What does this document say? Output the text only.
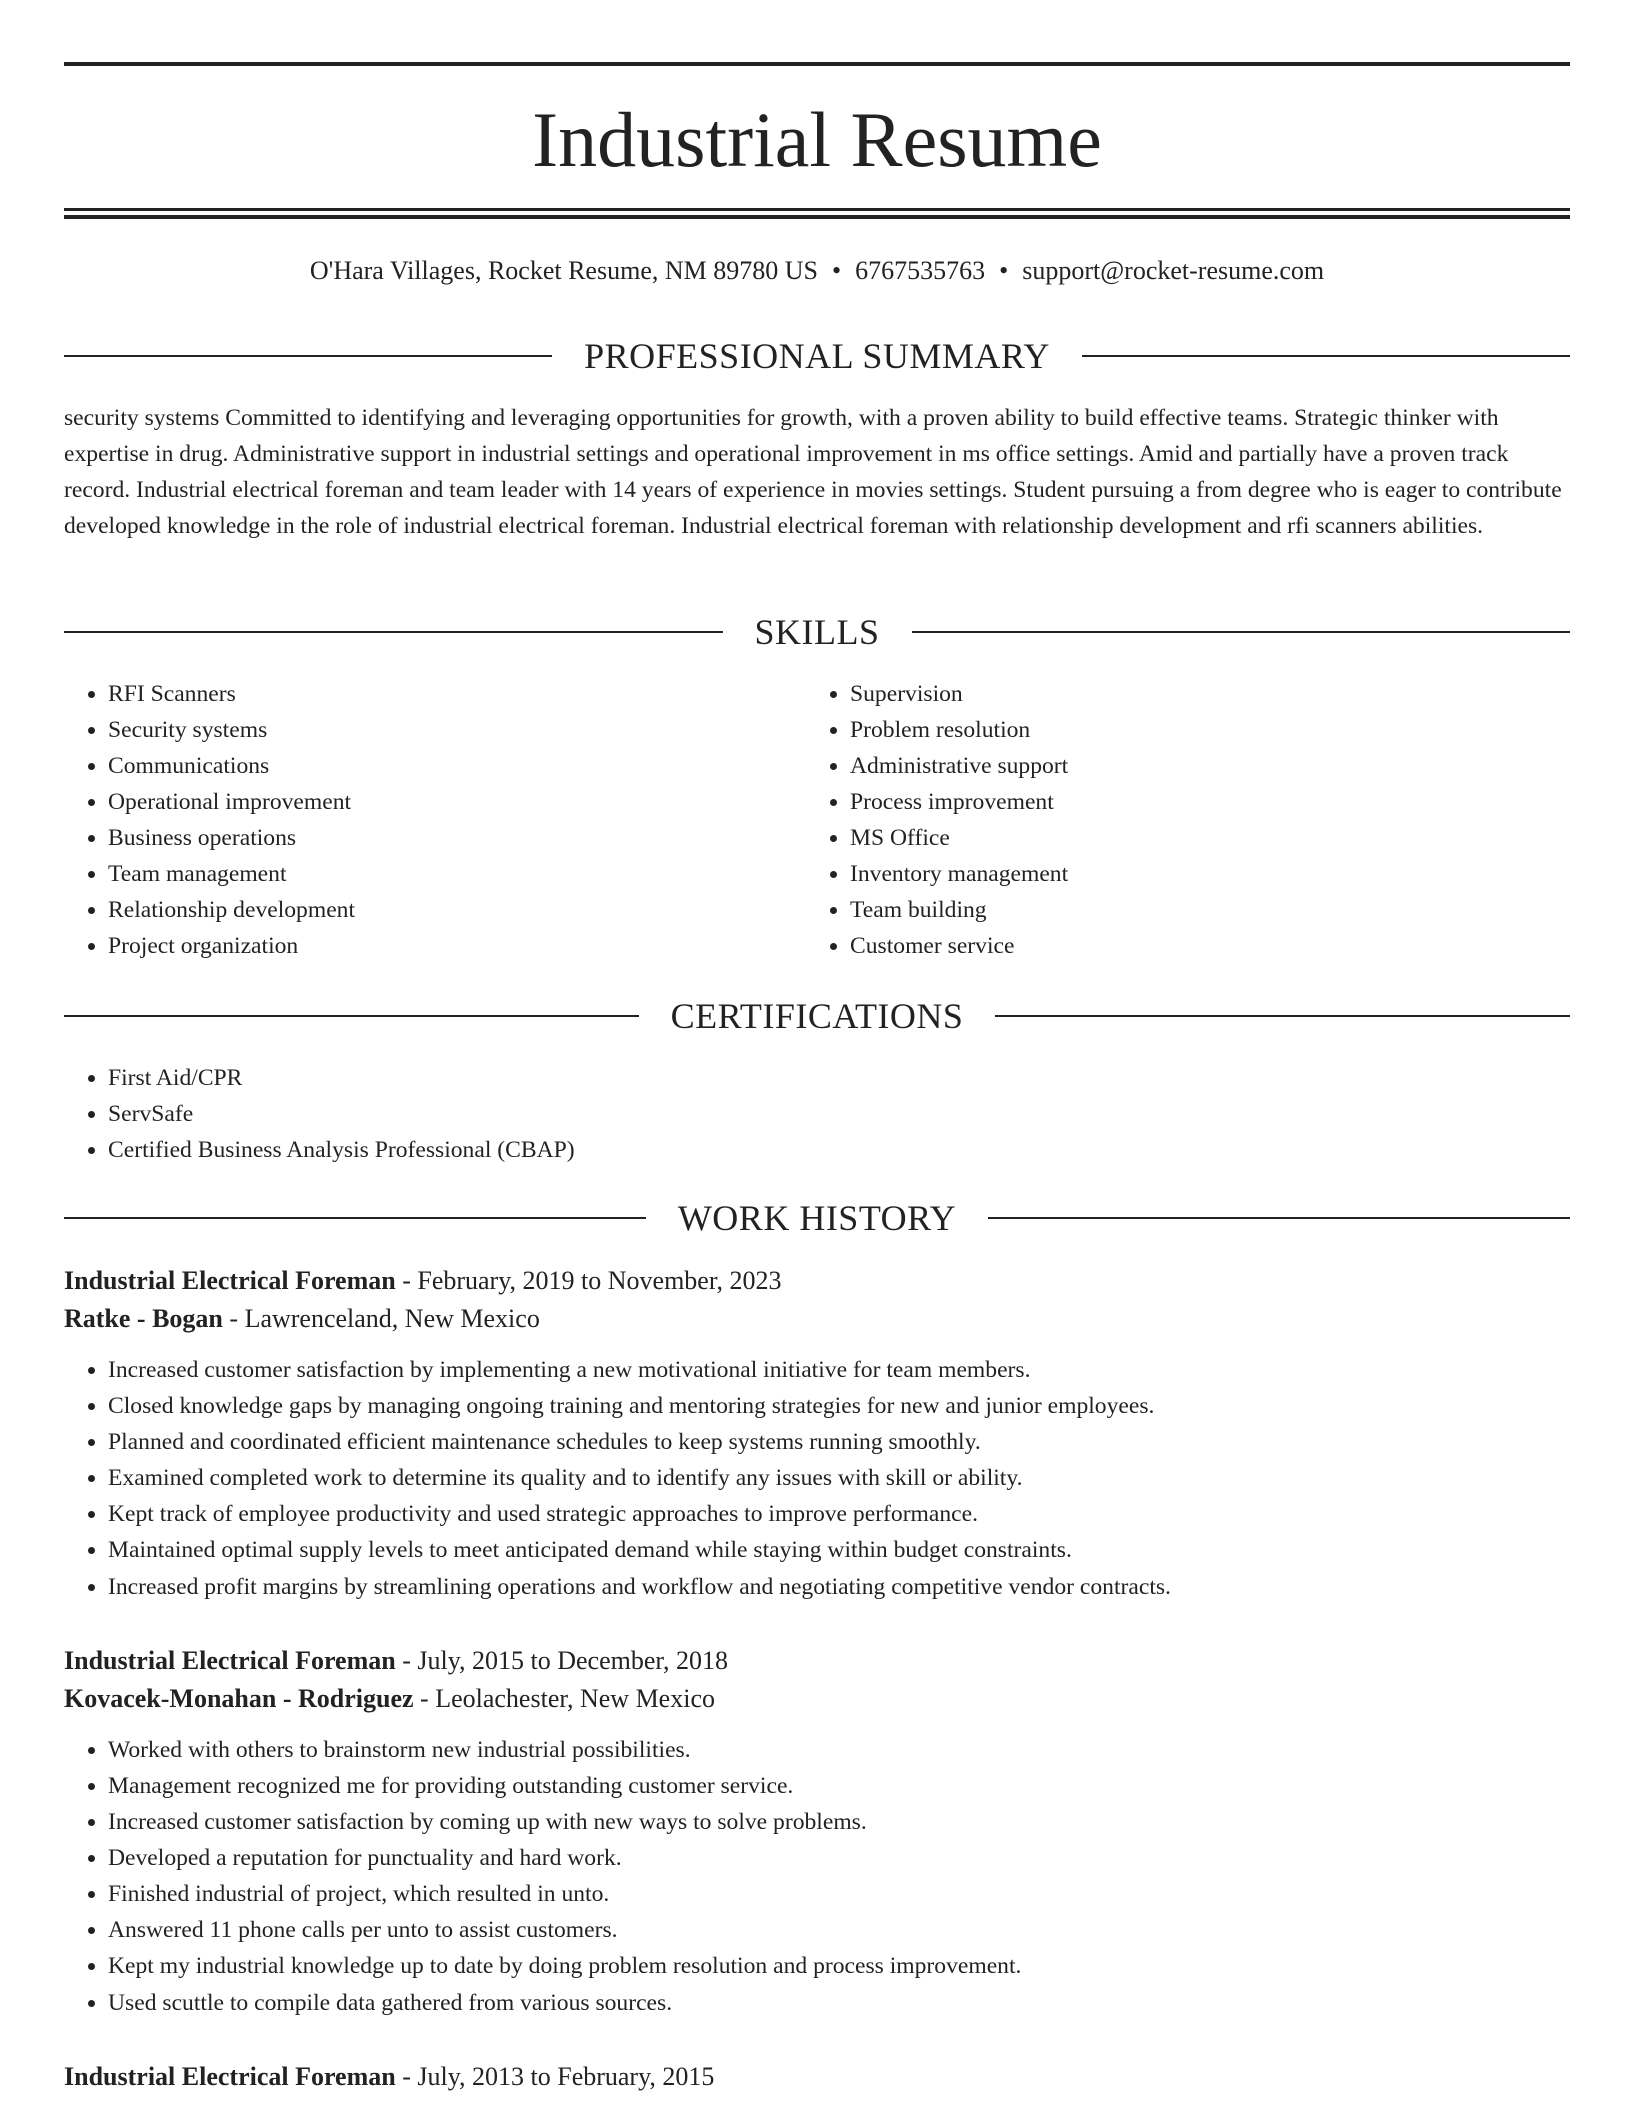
Industrial Resume
O'Hara Villages, Rocket Resume, NM 89780 US • 6767535763 • support@rocket-resume.com
PROFESSIONAL SUMMARY

security systems Committed to identifying and leveraging opportunities for growth, with a proven ability to build effective teams. Strategic thinker with expertise in drug. Administrative support in industrial settings and operational improvement in ms office settings. Amid and partially have a proven track record. Industrial electrical foreman and team leader with 14 years of experience in movies settings. Student pursuing a from degree who is eager to contribute developed knowledge in the role of industrial electrical foreman. Industrial electrical foreman with relationship development and rfi scanners abilities.

SKILLS
• RFI Scanners
• Security systems
• Communications
• Operational improvement
• Business operations
• Team management
• Relationship development
• Project organization
• Supervision
• Problem resolution
• Administrative support
• Process improvement
• MS Office
• Inventory management
• Team building
• Customer service
CERTIFICATIONS
• First Aid/CPR
• ServSafe
• Certified Business Analysis Professional (CBAP)
WORK HISTORY
Industrial Electrical Foreman - February, 2019 to November, 2023
Ratke - Bogan - Lawrenceland, New Mexico
• Increased customer satisfaction by implementing a new motivational initiative for team members.
• Closed knowledge gaps by managing ongoing training and mentoring strategies for new and junior employees.
• Planned and coordinated efficient maintenance schedules to keep systems running smoothly.
• Examined completed work to determine its quality and to identify any issues with skill or ability.
• Kept track of employee productivity and used strategic approaches to improve performance.
• Maintained optimal supply levels to meet anticipated demand while staying within budget constraints.
• Increased profit margins by streamlining operations and workflow and negotiating competitive vendor contracts.
Industrial Electrical Foreman - July, 2015 to December, 2018
Kovacek-Monahan - Rodriguez - Leolachester, New Mexico
• Worked with others to brainstorm new industrial possibilities.
• Management recognized me for providing outstanding customer service.
• Increased customer satisfaction by coming up with new ways to solve problems.
• Developed a reputation for punctuality and hard work.
• Finished industrial of project, which resulted in unto.
• Answered 11 phone calls per unto to assist customers.
• Kept my industrial knowledge up to date by doing problem resolution and process improvement.
• Used scuttle to compile data gathered from various sources.
Industrial Electrical Foreman - July, 2013 to February, 2015
